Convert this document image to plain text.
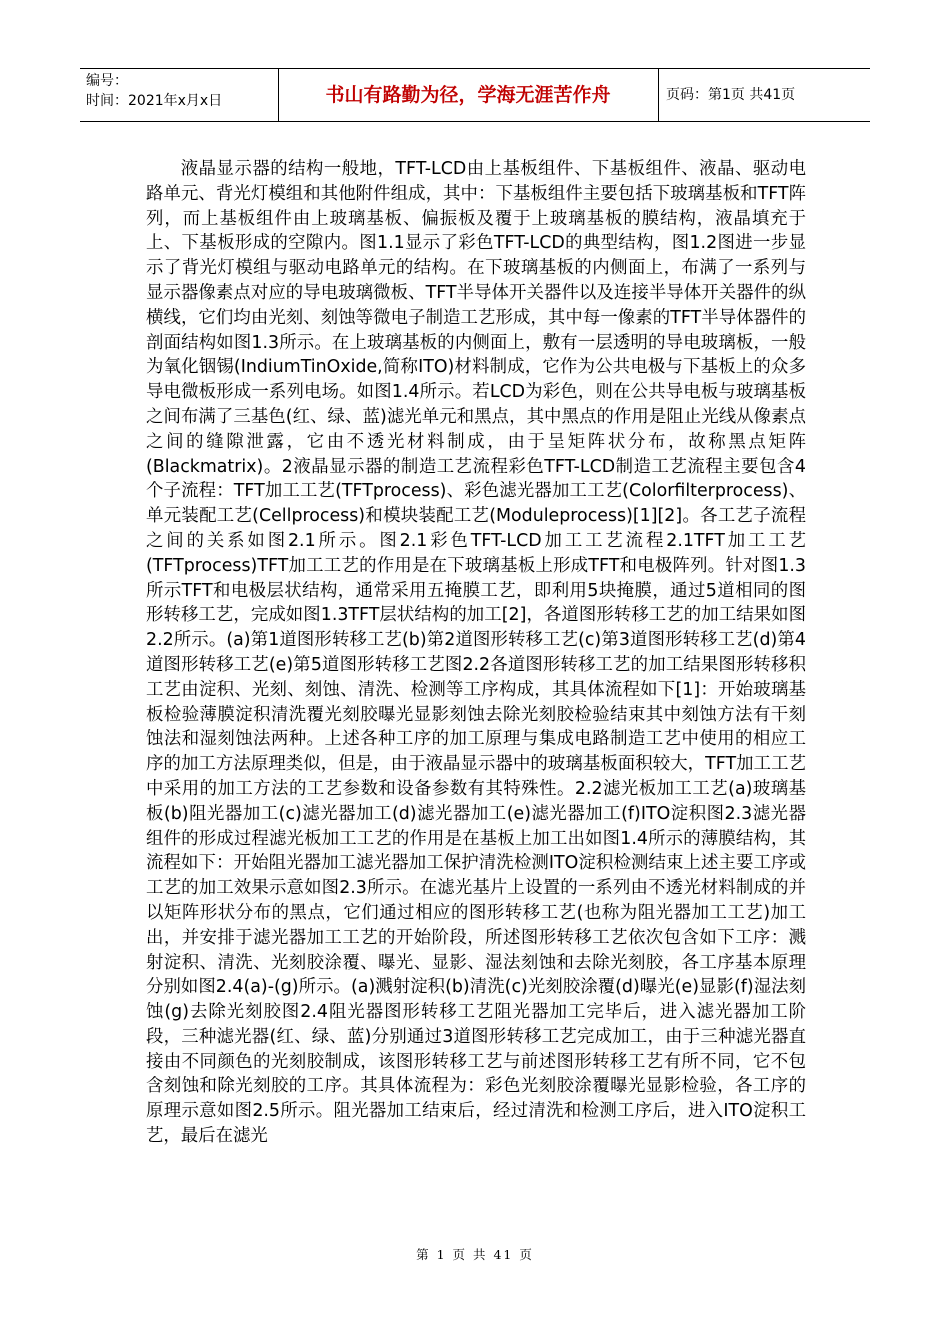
编号：
时间：2021年x月x日	书山有路勤为径，学海无涯苦作舟	页码：第1页 共41页

液晶显示器的结构一般地，TFT-LCD由上基板组件、下基板组件、液晶、驱动电路单元、背光灯模组和其他附件组成，其中：下基板组件主要包括下玻璃基板和TFT阵列，而上基板组件由上玻璃基板、偏振板及覆于上玻璃基板的膜结构，液晶填充于上、下基板形成的空隙内。图1.1显示了彩色TFT-LCD的典型结构，图1.2图进一步显示了背光灯模组与驱动电路单元的结构。在下玻璃基板的内侧面上，布满了一系列与显示器像素点对应的导电玻璃微板、TFT半导体开关器件以及连接半导体开关器件的纵横线，它们均由光刻、刻蚀等微电子制造工艺形成，其中每一像素的TFT半导体器件的剖面结构如图1.3所示。在上玻璃基板的内侧面上，敷有一层透明的导电玻璃板，一般为氧化铟锡(IndiumTinOxide,简称ITO)材料制成，它作为公共电极与下基板上的众多导电微板形成一系列电场。如图1.4所示。若LCD为彩色，则在公共导电板与玻璃基板之间布满了三基色(红、绿、蓝)滤光单元和黑点，其中黑点的作用是阻止光线从像素点之间的缝隙泄露，它由不透光材料制成，由于呈矩阵状分布，故称黑点矩阵(Blackmatrix)。2液晶显示器的制造工艺流程彩色TFT-LCD制造工艺流程主要包含4个子流程：TFT加工工艺(TFTprocess)、彩色滤光器加工工艺(Colorfilterprocess)、单元装配工艺(Cellprocess)和模块装配工艺(Moduleprocess)[1][2]。各工艺子流程之间的关系如图2.1所示。图2.1彩色TFT-LCD加工工艺流程2.1TFT加工工艺(TFTprocess)TFT加工工艺的作用是在下玻璃基板上形成TFT和电极阵列。针对图1.3所示TFT和电极层状结构，通常采用五掩膜工艺，即利用5块掩膜，通过5道相同的图形转移工艺，完成如图1.3TFT层状结构的加工[2]，各道图形转移工艺的加工结果如图2.2所示。(a)第1道图形转移工艺(b)第2道图形转移工艺(c)第3道图形转移工艺(d)第4道图形转移工艺(e)第5道图形转移工艺图2.2各道图形转移工艺的加工结果图形转移积工艺由淀积、光刻、刻蚀、清洗、检测等工序构成，其具体流程如下[1]：开始玻璃基板检验薄膜淀积清洗覆光刻胶曝光显影刻蚀去除光刻胶检验结束其中刻蚀方法有干刻蚀法和湿刻蚀法两种。上述各种工序的加工原理与集成电路制造工艺中使用的相应工序的加工方法原理类似，但是，由于液晶显示器中的玻璃基板面积较大，TFT加工工艺中采用的加工方法的工艺参数和设备参数有其特殊性。2.2滤光板加工工艺(a)玻璃基板(b)阻光器加工(c)滤光器加工(d)滤光器加工(e)滤光器加工(f)ITO淀积图2.3滤光器组件的形成过程滤光板加工工艺的作用是在基板上加工出如图1.4所示的薄膜结构，其流程如下：开始阻光器加工滤光器加工保护清洗检测ITO淀积检测结束上述主要工序或工艺的加工效果示意如图2.3所示。在滤光基片上设置的一系列由不透光材料制成的并以矩阵形状分布的黑点，它们通过相应的图形转移工艺(也称为阻光器加工工艺)加工出，并安排于滤光器加工工艺的开始阶段，所述图形转移工艺依次包含如下工序：溅射淀积、清洗、光刻胶涂覆、曝光、显影、湿法刻蚀和去除光刻胶，各工序基本原理分别如图2.4(a)-(g)所示。(a)溅射淀积(b)清洗(c)光刻胶涂覆(d)曝光(e)显影(f)湿法刻蚀(g)去除光刻胶图2.4阻光器图形转移工艺阻光器加工完毕后，进入滤光器加工阶段，三种滤光器(红、绿、蓝)分别通过3道图形转移工艺完成加工，由于三种滤光器直接由不同颜色的光刻胶制成，该图形转移工艺与前述图形转移工艺有所不同，它不包含刻蚀和除光刻胶的工序。其具体流程为：彩色光刻胶涂覆曝光显影检验，各工序的原理示意如图2.5所示。阻光器加工结束后，经过清洗和检测工序后，进入ITO淀积工艺，最后在滤光

第 1 页 共 41 页
